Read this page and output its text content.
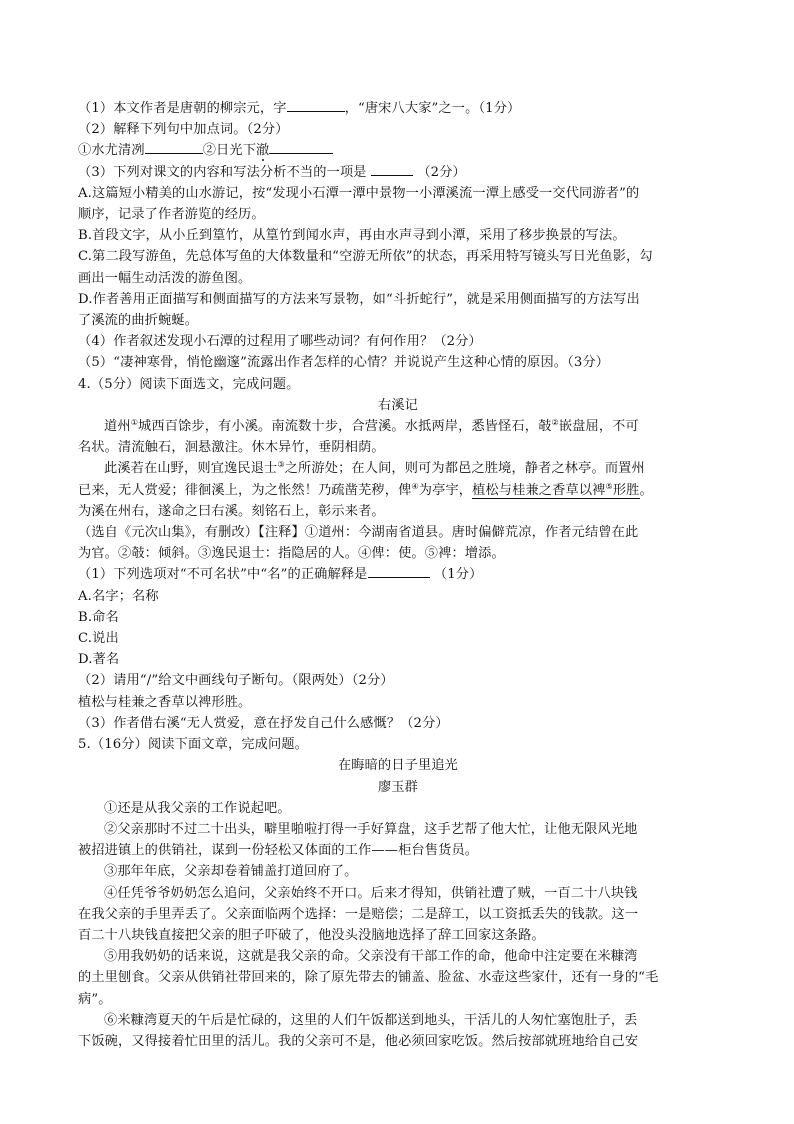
（1）本文作者是唐朝的柳宗元，字	，“唐宋八大家”之一。（1分）
（2）解释下列句中加点词。（2分）
①水尤清冽	②日光下澈
（3）下列对课文的内容和写法分析不当的一项是	（2分）
A.这篇短小精美的山水游记，按“发现小石潭一潭中景物一小潭溪流一潭上感受一交代同游者”的
顺序，记录了作者游览的经历。
B.首段文字，从小丘到篁竹，从篁竹到闻水声，再由水声寻到小潭，采用了移步换景的写法。
C.第二段写游鱼，先总体写鱼的大体数量和“空游无所依”的状态，再采用特写镜头写日光鱼影，勾
画出一幅生动活泼的游鱼图。
D.作者善用正面描写和侧面描写的方法来写景物，如“斗折蛇行”，就是采用侧面描写的方法写出
了溪流的曲折蜿蜒。
（4）作者叙述发现小石潭的过程用了哪些动词？有何作用？（2分）
（5）“凄神寒骨，悄怆幽邃”流露出作者怎样的心情？并说说产生这种心情的原因。（3分）
4.（5分）阅读下面选文，完成问题。
右溪记
道州①城西百馀步，有小溪。南流数十步，合营溪。水抵两岸，悉皆怪石，攲②嵌盘屈，不可
名状。清流触石，洄悬激注。休木异竹，垂阴相荫。
此溪若在山野，则宜逸民退士③之所游处；在人间，则可为都邑之胜境，静者之林亭。而置州
已来，无人赏爱；徘徊溪上，为之怅然！乃疏凿芜秽，俾④为亭宇，植松与桂兼之香草以裨⑤形胜。
为溪在州右，遂命之曰右溪。刻铭石上，彰示来者。
（选自《元次山集》，有删改）【注释】①道州：今湖南省道县。唐时偏僻荒凉，作者元结曾在此
为官。②攲：倾斜。③逸民退士：指隐居的人。④俾：使。⑤裨：增添。
（1）下列选项对“不可名状”中“名”的正确解释是	（1分）
A.名字；名称
B.命名
C.说出
D.著名
（2）请用“/”给文中画线句子断句。（限两处）（2分）
植松与桂兼之香草以裨形胜。
（3）作者借右溪“无人赏爱，意在抒发自己什么感慨？（2分）
5.（16分）阅读下面文章，完成问题。
在晦暗的日子里追光
廖玉群
①还是从我父亲的工作说起吧。
②父亲那时不过二十出头，噼里啪啦打得一手好算盘，这手艺帮了他大忙，让他无限风光地
被招进镇上的供销社，谋到一份轻松又体面的工作——柜台售货员。
③那年年底，父亲却卷着铺盖打道回府了。
④任凭爷爷奶奶怎么追问，父亲始终不开口。后来才得知，供销社遭了贼，一百二十八块钱
在我父亲的手里弄丢了。父亲面临两个选择：一是赔偿；二是辞工，以工资抵丢失的钱款。这一
百二十八块钱直接把父亲的胆子吓破了，他没头没脑地选择了辞工回家这条路。
⑤用我奶奶的话来说，这就是我父亲的命。父亲没有干部工作的命，他命中注定要在米糠湾
的土里刨食。父亲从供销社带回来的，除了原先带去的铺盖、脸盆、水壶这些家什，还有一身的“毛
病”。
⑥米糠湾夏天的午后是忙碌的，这里的人们午饭都送到地头，干活儿的人匆忙塞饱肚子，丢
下饭碗，又得接着忙田里的活儿。我的父亲可不是，他必须回家吃饭。然后按部就班地给自己安
